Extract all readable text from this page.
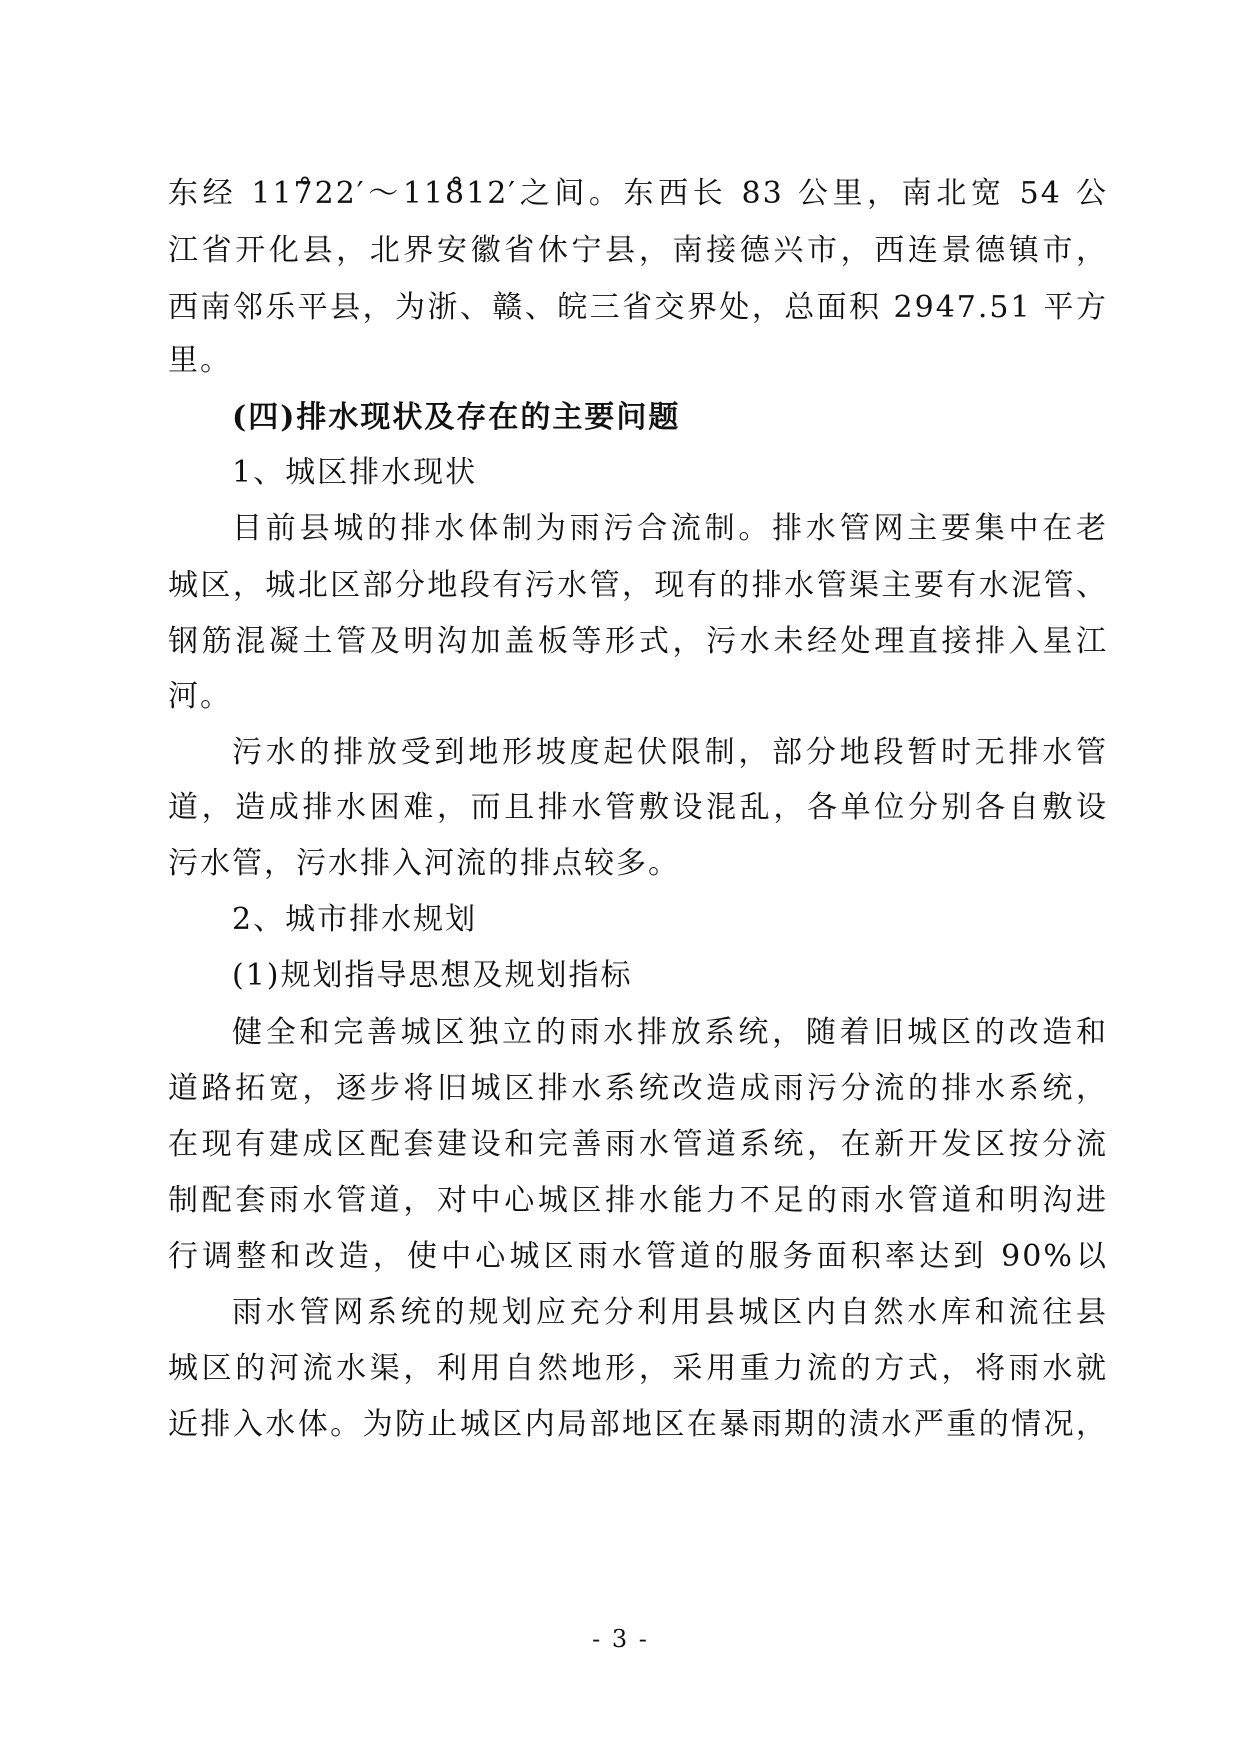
东经 117̊22′～118̊12′之间。东西长 83 公里，南北宽 54 公
江省开化县，北界安徽省休宁县，南接德兴市，西连景德镇市，
西南邻乐平县，为浙、赣、皖三省交界处，总面积 2947.51 平方
里。
(四)排水现状及存在的主要问题
1、城区排水现状
目前县城的排水体制为雨污合流制。排水管网主要集中在老
城区，城北区部分地段有污水管，现有的排水管渠主要有水泥管、
钢筋混凝土管及明沟加盖板等形式，污水未经处理直接排入星江
河。
污水的排放受到地形坡度起伏限制，部分地段暂时无排水管
道，造成排水困难，而且排水管敷设混乱，各单位分别各自敷设
污水管，污水排入河流的排点较多。
2、城市排水规划
(1)规划指导思想及规划指标
健全和完善城区独立的雨水排放系统，随着旧城区的改造和
道路拓宽，逐步将旧城区排水系统改造成雨污分流的排水系统，
在现有建成区配套建设和完善雨水管道系统，在新开发区按分流
制配套雨水管道，对中心城区排水能力不足的雨水管道和明沟进
行调整和改造，使中心城区雨水管道的服务面积率达到 90%以
雨水管网系统的规划应充分利用县城区内自然水库和流往县
城区的河流水渠，利用自然地形，采用重力流的方式，将雨水就
近排入水体。为防止城区内局部地区在暴雨期的渍水严重的情况，
- 3 -
